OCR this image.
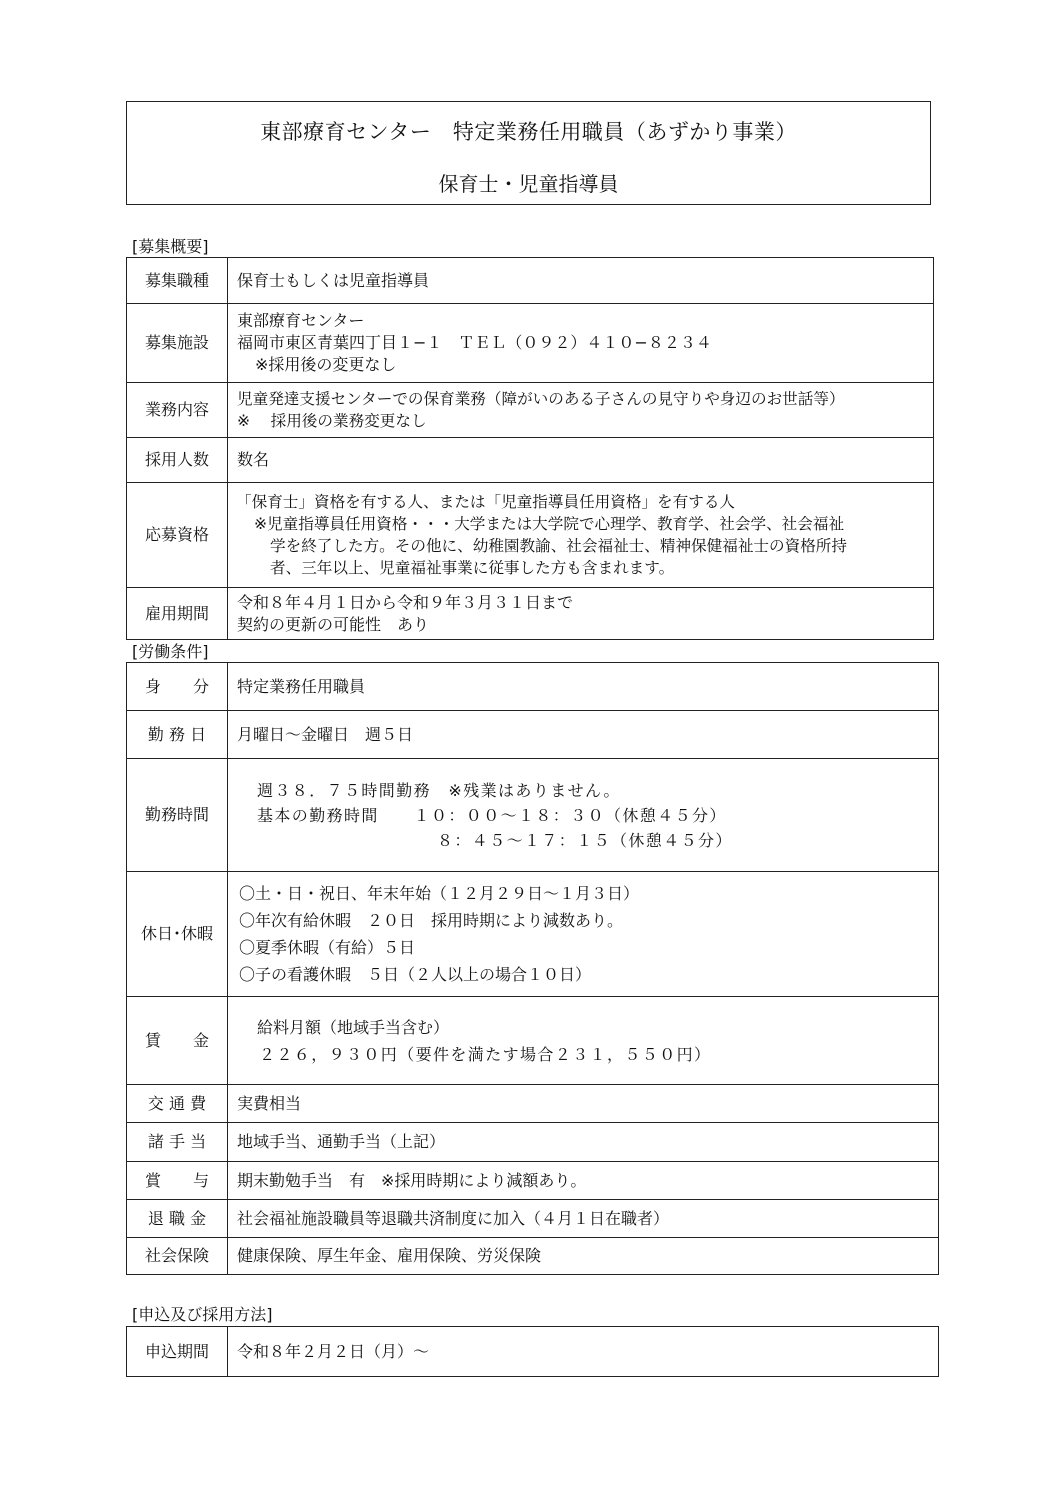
東部療育センター　特定業務任用職員（あずかり事業）
保育士・児童指導員
[募集概要]
募集職種	保育士もしくは児童指導員
募集施設	東部療育センター
福岡市東区青葉四丁目１−１　ＴＥＬ（０９２）４１０−８２３４
※採用後の変更なし

業務内容	児童発達支援センターでの保育業務（障がいのある子さんの見守りや身辺のお世話等）
※　 採用後の業務変更なし

採用人数	数名
応募資格	「保育士」資格を有する人、または「児童指導員任用資格」を有する人
※児童指導員任用資格・・・大学または大学院で心理学、教育学、社会学、社会福祉
学を終了した方。その他に、幼稚園教諭、社会福祉士、精神保健福祉士の資格所持
者、三年以上、児童福祉事業に従事した方も含まれます。

雇用期間	令和８年４月１日から令和９年３月３１日まで
契約の更新の可能性　あり
[労働条件]
身　　分	特定業務任用職員
勤 務 日	月曜日〜金曜日　週５日
勤務時間	週３８．７５時間勤務　※残業はありません。
基本の勤務時間　　１０：００〜１８：３０（休憩４５分）
８：４５〜１７：１５（休憩４５分）

休日･休暇	〇土・日・祝日、年末年始（１２月２９日〜１月３日）
〇年次有給休暇　２０日　採用時期により減数あり。
〇夏季休暇（有給）５日
〇子の看護休暇　５日（２人以上の場合１０日）

賃　　金	給料月額（地域手当含む）
２２６，９３０円（要件を満たす場合２３１，５５０円）

交 通 費	実費相当
諸 手 当	地域手当、通勤手当（上記）
賞　　与	期末勤勉手当　有　※採用時期により減額あり。
退 職 金	社会福祉施設職員等退職共済制度に加入（４月１日在職者）
社会保険	健康保険、厚生年金、雇用保険、労災保険
[申込及び採用方法]
申込期間	令和８年２月２日（月）〜
